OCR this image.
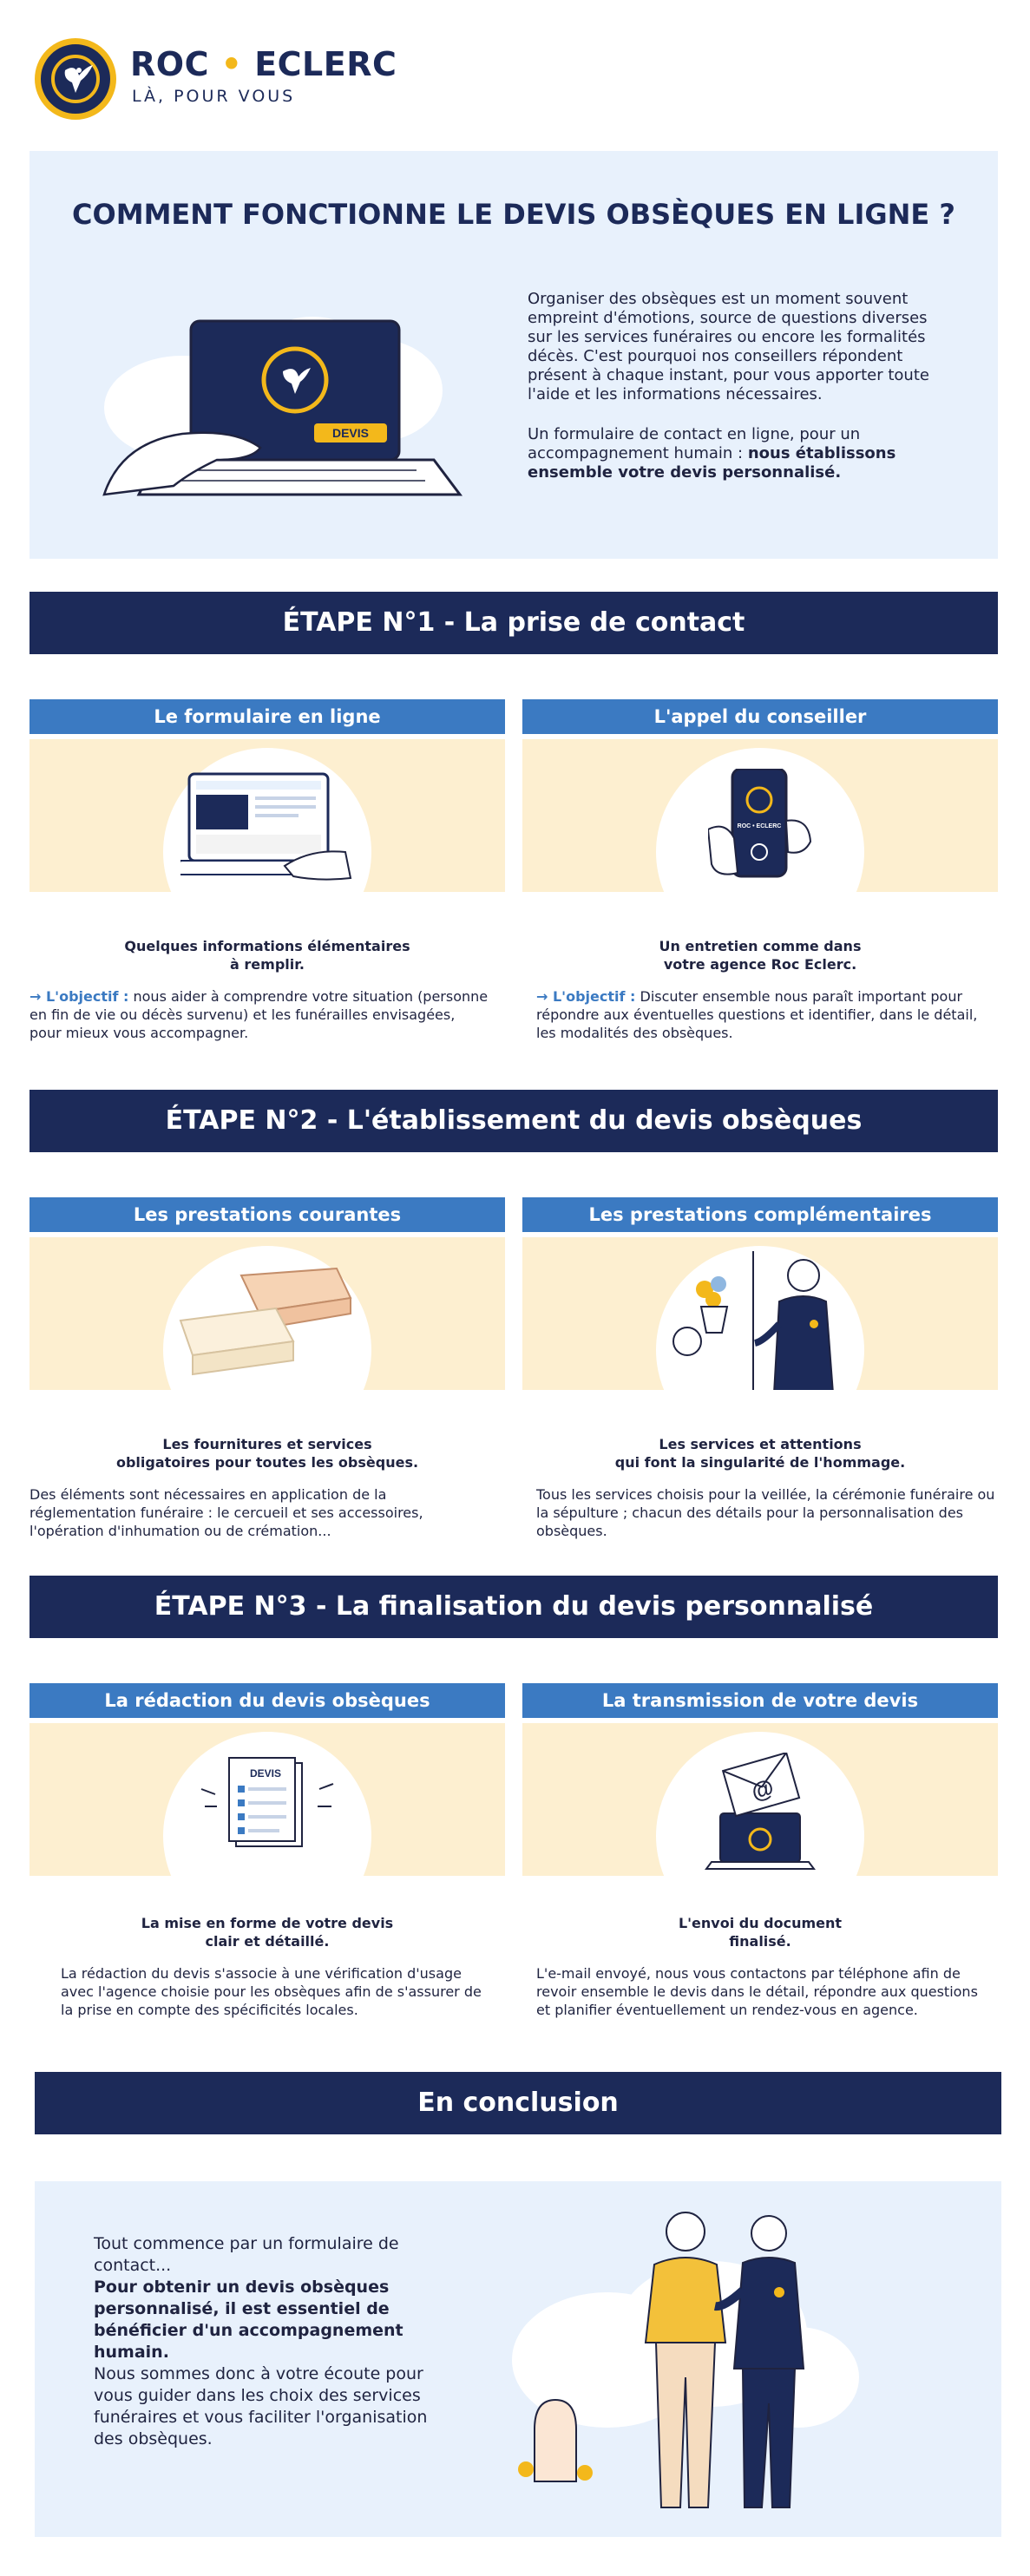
ROC • ECLERC
LÀ, POUR VOUS
COMMENT FONCTIONNE LE DEVIS OBSÈQUES EN LIGNE ?
DEVIS
Organiser des obsèques est un moment souvent empreint d'émotions, source de questions diverses sur les services funéraires ou encore les formalités décès. C'est pourquoi nos conseillers répondent présent à chaque instant, pour vous apporter toute l'aide et les informations nécessaires.
Un formulaire de contact en ligne, pour un accompagnement humain : nous établissons ensemble votre devis personnalisé.
ÉTAPE N°1 - La prise de contact
Le formulaire en ligne
Quelques informations élémentaires
à remplir.
→ L'objectif : nous aider à comprendre votre situation (personne en fin de vie ou décès survenu) et les funérailles envisagées, pour mieux vous accompagner.
L'appel du conseiller
ROC • ECLERC
Un entretien comme dans
votre agence Roc Eclerc.
→ L'objectif : Discuter ensemble nous paraît important pour répondre aux éventuelles questions et identifier, dans le détail, les modalités des obsèques.
ÉTAPE N°2 - L'établissement du devis obsèques
Les prestations courantes
Les fournitures et services
obligatoires pour toutes les obsèques.
Des éléments sont nécessaires en application de la réglementation funéraire : le cercueil et ses accessoires, l'opération d'inhumation ou de crémation...
Les prestations complémentaires
Les services et attentions
qui font la singularité de l'hommage.
Tous les services choisis pour la veillée, la cérémonie funéraire ou la sépulture ; chacun des détails pour la personnalisation des obsèques.
ÉTAPE N°3 - La finalisation du devis personnalisé
La rédaction du devis obsèques
DEVIS
La mise en forme de votre devis
clair et détaillé.
La rédaction du devis s'associe à une vérification d'usage avec l'agence choisie pour les obsèques afin de s'assurer de la prise en compte des spécificités locales.
La transmission de votre devis
@
L'envoi du document
finalisé.
L'e-mail envoyé, nous vous contactons par téléphone afin de revoir ensemble le devis dans le détail, répondre aux questions et planifier éventuellement un rendez-vous en agence.
En conclusion
Tout commence par un formulaire de contact...
Pour obtenir un devis obsèques personnalisé, il est essentiel de bénéficier d'un accompagnement humain.
Nous sommes donc à votre écoute pour vous guider dans les choix des services funéraires et vous faciliter l'organisation des obsèques.
